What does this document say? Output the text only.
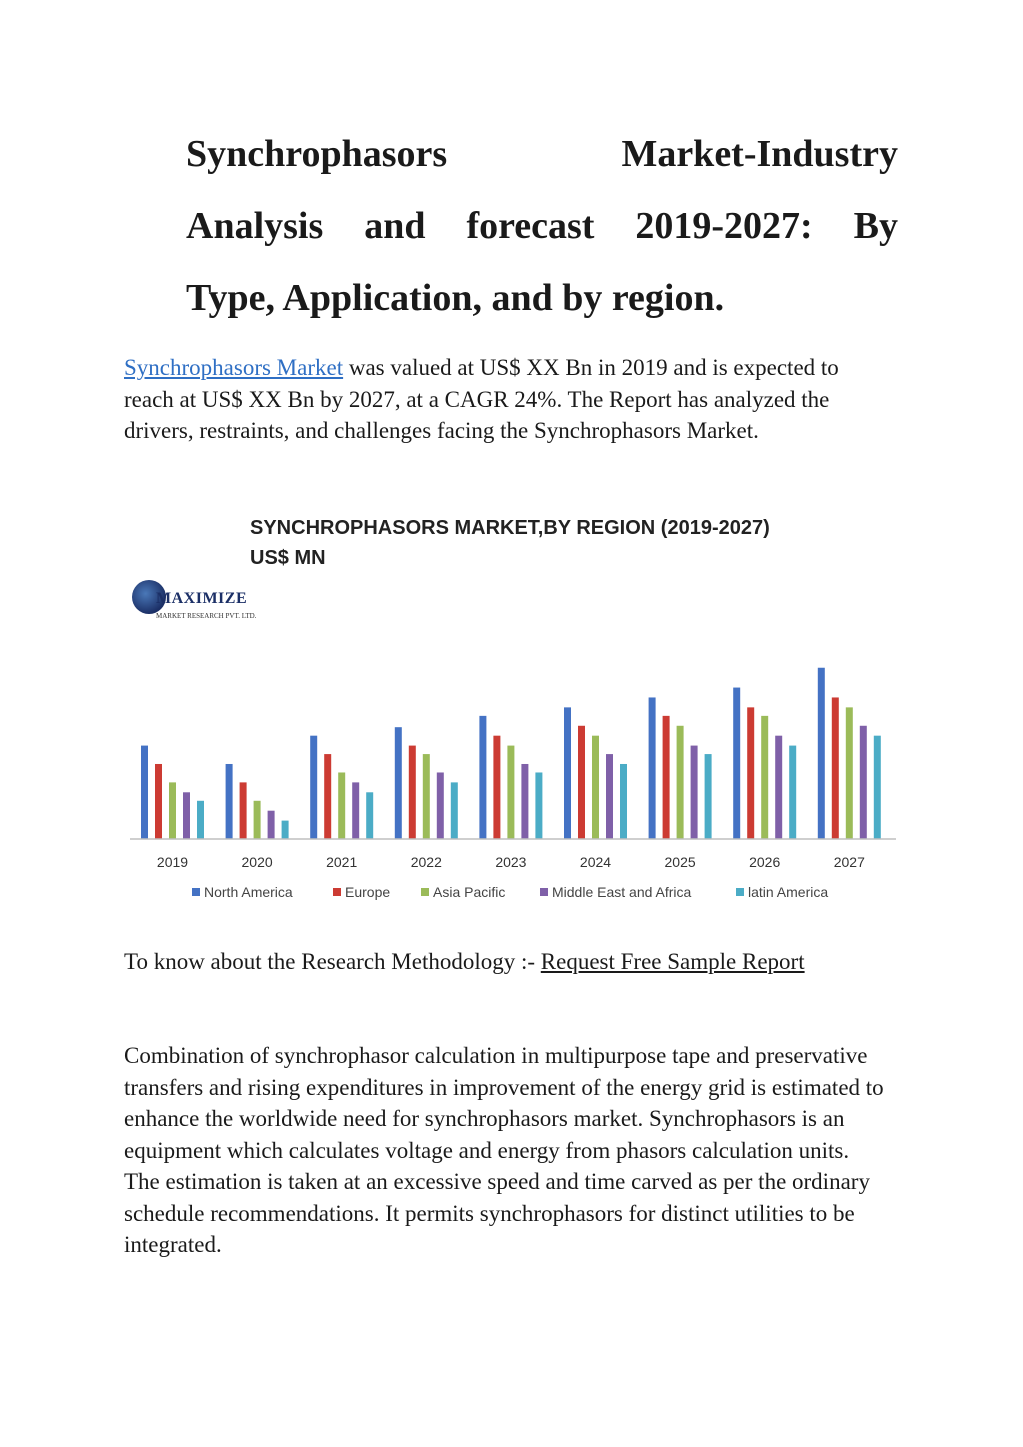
Synchrophasors	Market-Industry
Analysis and forecast 2019-2027: By
Type, Application, and by region.

Synchrophasors Market was valued at US$ XX Bn in 2019 and is expected to reach at US$ XX Bn by 2027, at a CAGR 24%. The Report has analyzed the drivers, restraints, and challenges facing the Synchrophasors Market.

SYNCHROPHASORS MARKET,BY REGION (2019-2027)
US$ MN
MAXIMIZE
MARKET RESEARCH PVT. LTD.
2019	2020	2021	2022	2023	2024	2025	2026	2027
North America	Europe	Asia Pacific	Middle East and Africa	latin America

To know about the Research Methodology :- Request Free Sample Report

Combination of synchrophasor calculation in multipurpose tape and preservative transfers and rising expenditures in improvement of the energy grid is estimated to enhance the worldwide need for synchrophasors market. Synchrophasors is an equipment which calculates voltage and energy from phasors calculation units. The estimation is taken at an excessive speed and time carved as per the ordinary schedule recommendations. It permits synchrophasors for distinct utilities to be integrated.
